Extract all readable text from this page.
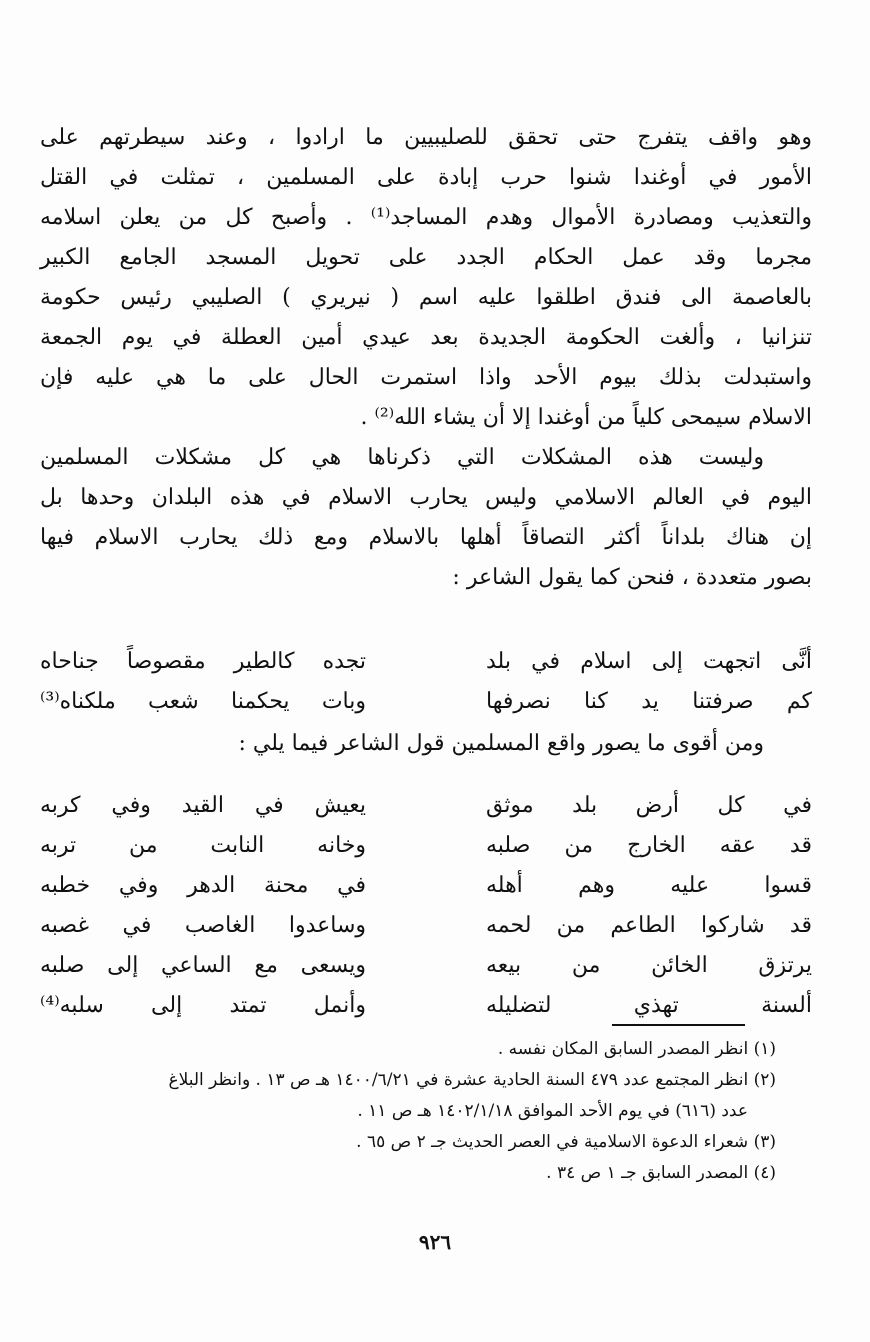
وهو واقف يتفرج حتى تحقق للصليبيين ما ارادوا ، وعند سيطرتهم على
الأمور في أوغندا شنوا حرب إبادة على المسلمين ، تمثلت في القتل
والتعذيب ومصادرة الأموال وهدم المساجد⁽¹⁾ . وأصبح كل من يعلن اسلامه
مجرما وقد عمل الحكام الجدد على تحويل المسجد الجامع الكبير
بالعاصمة الى فندق اطلقوا عليه اسم ( نيريري ) الصليبي رئيس حكومة
تنزانيا ، وألغت الحكومة الجديدة بعد عيدي أمين العطلة في يوم الجمعة
واستبدلت بذلك بيوم الأحد واذا استمرت الحال على ما هي عليه فإن
الاسلام سيمحى كلياً من أوغندا إلا أن يشاء الله⁽²⁾ .
وليست هذه المشكلات التي ذكرناها هي كل مشكلات المسلمين
اليوم في العالم الاسلامي وليس يحارب الاسلام في هذه البلدان وحدها بل
إن هناك بلداناً أكثر التصاقاً أهلها بالاسلام ومع ذلك يحارب الاسلام فيها
بصور متعددة ، فنحن كما يقول الشاعر :
أنَّى اتجهت إلى اسلام في بلد
تجده كالطير مقصوصاً جناحاه
كم صرفتنا يد كنا نصرفها
وبات يحكمنا شعب ملكناه⁽³⁾
ومن أقوى ما يصور واقع المسلمين قول الشاعر فيما يلي :
في كل أرض بلد موثق
يعيش في القيد وفي كربه
قد عقه الخارج من صلبه
وخانه النابت من تربه
قسوا عليه وهم أهله
في محنة الدهر وفي خطبه
قد شاركوا الطاعم من لحمه
وساعدوا الغاصب في غصبه
يرتزق الخائن من بيعه
ويسعى مع الساعي إلى صلبه
ألسنة تهذي لتضليله
وأنمل تمتد إلى سلبه⁽⁴⁾
(١) انظر المصدر السابق المكان نفسه .
(٢) انظر المجتمع عدد ٤٧٩ السنة الحادية عشرة في ١٤٠٠/٦/٢١ هـ ص ١٣ . وانظر البلاغ
عدد (٦١٦) في يوم الأحد الموافق ١٤٠٢/١/١٨ هـ ص ١١ .
(٣) شعراء الدعوة الاسلامية في العصر الحديث جـ ٢ ص ٦٥ .
(٤) المصدر السابق جـ ١ ص ٣٤ .
٩٢٦
